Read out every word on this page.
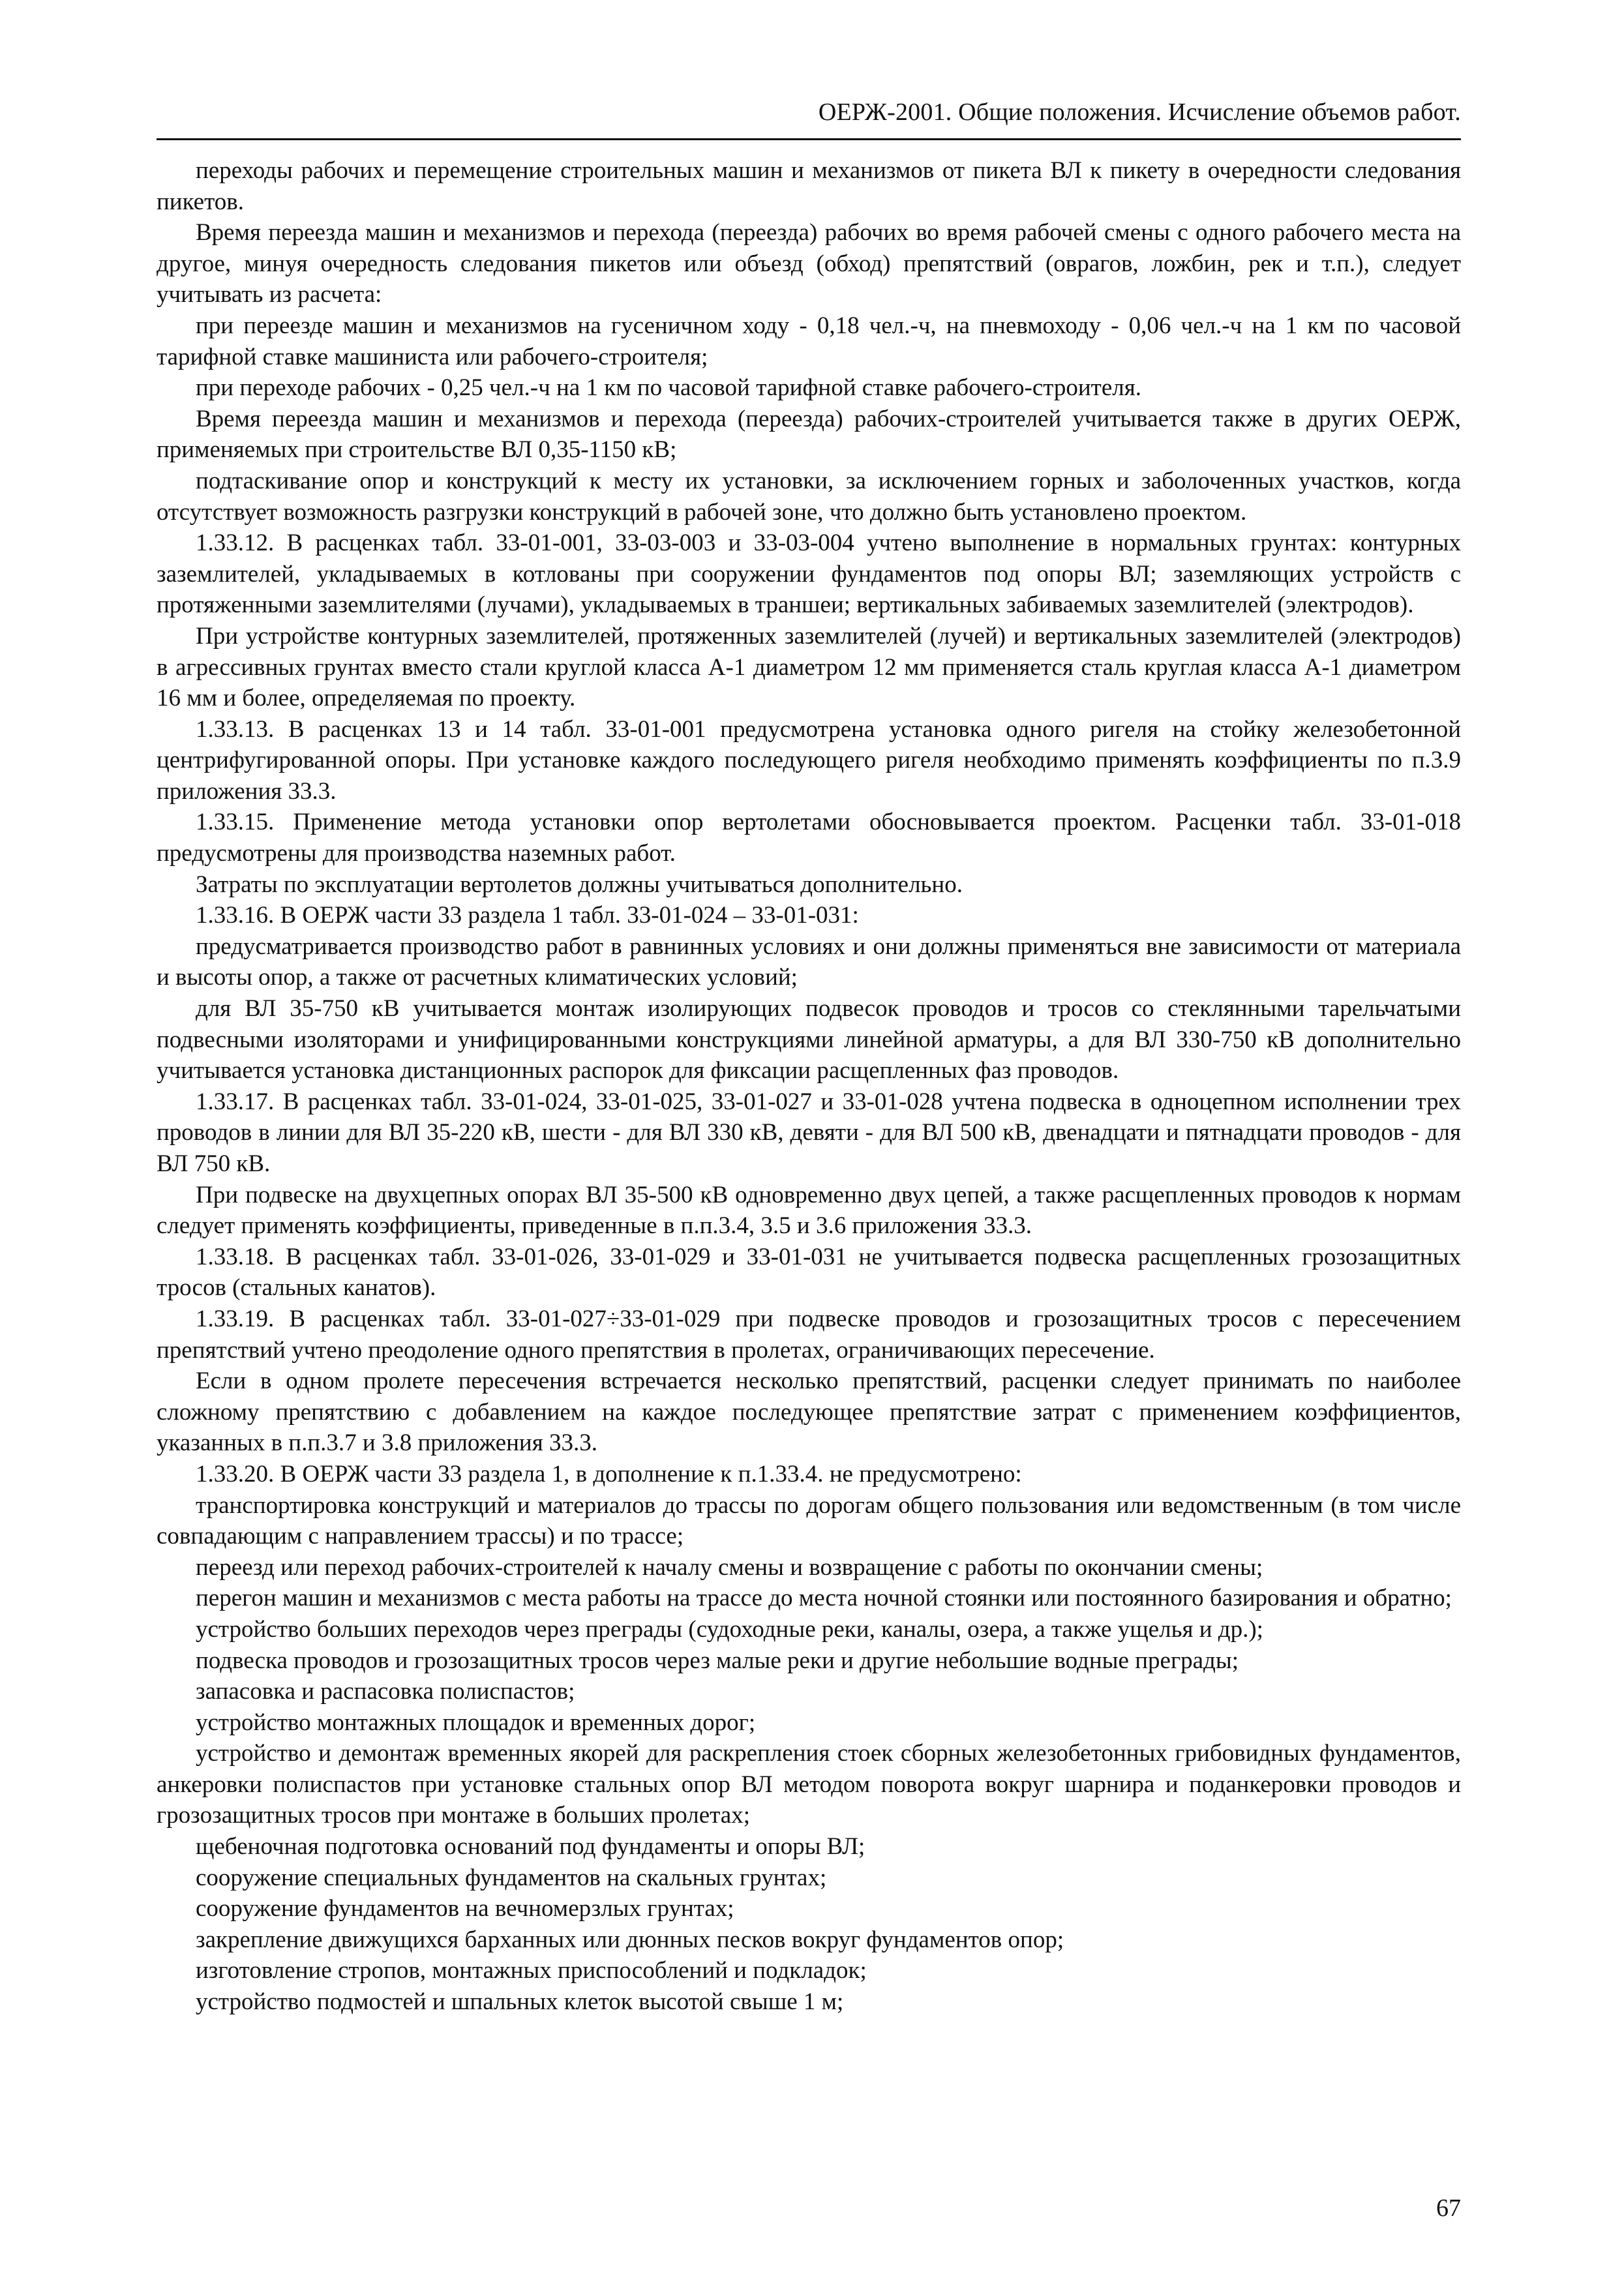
ОЕРЖ-2001. Общие положения. Исчисление объемов работ.

переходы рабочих и перемещение строительных машин и механизмов от пикета ВЛ к пикету в очередности следования пикетов.

Время переезда машин и механизмов и перехода (переезда) рабочих во время рабочей смены с одного рабочего места на другое, минуя очередность следования пикетов или объезд (обход) препятствий (оврагов, ложбин, рек и т.п.), следует учитывать из расчета:

при переезде машин и механизмов на гусеничном ходу - 0,18 чел.-ч, на пневмоходу - 0,06 чел.-ч на 1 км по часовой тарифной ставке машиниста или рабочего-строителя;

при переходе рабочих - 0,25 чел.-ч на 1 км по часовой тарифной ставке рабочего-строителя.

Время переезда машин и механизмов и перехода (переезда) рабочих-строителей учитывается также в других ОЕРЖ, применяемых при строительстве ВЛ 0,35-1150 кВ;

подтаскивание опор и конструкций к месту их установки, за исключением горных и заболоченных участков, когда отсутствует возможность разгрузки конструкций в рабочей зоне, что должно быть установлено проектом.

1.33.12. В расценках табл. 33-01-001, 33-03-003 и 33-03-004 учтено выполнение в нормальных грунтах: контурных заземлителей, укладываемых в котлованы при сооружении фундаментов под опоры ВЛ; заземляющих устройств с протяженными заземлителями (лучами), укладываемых в траншеи; вертикальных забиваемых заземлителей (электродов).

При устройстве контурных заземлителей, протяженных заземлителей (лучей) и вертикальных заземлителей (электродов) в агрессивных грунтах вместо стали круглой класса А-1 диаметром 12 мм применяется сталь круглая класса А-1 диаметром 16 мм и более, определяемая по проекту.

1.33.13. В расценках 13 и 14 табл. 33-01-001 предусмотрена установка одного ригеля на стойку железобетонной центрифугированной опоры. При установке каждого последующего ригеля необходимо применять коэффициенты по п.3.9 приложения 33.3.

1.33.15. Применение метода установки опор вертолетами обосновывается проектом. Расценки табл. 33-01-018 предусмотрены для производства наземных работ.

Затраты по эксплуатации вертолетов должны учитываться дополнительно.

1.33.16. В ОЕРЖ части 33 раздела 1 табл. 33-01-024 – 33-01-031:

предусматривается производство работ в равнинных условиях и они должны применяться вне зависимости от материала и высоты опор, а также от расчетных климатических условий;

для ВЛ 35-750 кВ учитывается монтаж изолирующих подвесок проводов и тросов со стеклянными тарельчатыми подвесными изоляторами и унифицированными конструкциями линейной арматуры, а для ВЛ 330-750 кВ дополнительно учитывается установка дистанционных распорок для фиксации расщепленных фаз проводов.

1.33.17. В расценках табл. 33-01-024, 33-01-025, 33-01-027 и 33-01-028 учтена подвеска в одноцепном исполнении трех проводов в линии для ВЛ 35-220 кВ, шести - для ВЛ 330 кВ, девяти - для ВЛ 500 кВ, двенадцати и пятнадцати проводов - для ВЛ 750 кВ.

При подвеске на двухцепных опорах ВЛ 35-500 кВ одновременно двух цепей, а также расщепленных проводов к нормам следует применять коэффициенты, приведенные в п.п.3.4, 3.5 и 3.6 приложения 33.3.

1.33.18. В расценках табл. 33-01-026, 33-01-029 и 33-01-031 не учитывается подвеска расщепленных грозозащитных тросов (стальных канатов).

1.33.19. В расценках табл. 33-01-027÷33-01-029 при подвеске проводов и грозозащитных тросов с пересечением препятствий учтено преодоление одного препятствия в пролетах, ограничивающих пересечение.

Если в одном пролете пересечения встречается несколько препятствий, расценки следует принимать по наиболее сложному препятствию с добавлением на каждое последующее препятствие затрат с применением коэффициентов, указанных в п.п.3.7 и 3.8 приложения 33.3.

1.33.20. В ОЕРЖ части 33 раздела 1, в дополнение к п.1.33.4. не предусмотрено:

транспортировка конструкций и материалов до трассы по дорогам общего пользования или ведомственным (в том числе совпадающим с направлением трассы) и по трассе;

переезд или переход рабочих-строителей к началу смены и возвращение с работы по окончании смены;

перегон машин и механизмов с места работы на трассе до места ночной стоянки или постоянного базирования и обратно;

устройство больших переходов через преграды (судоходные реки, каналы, озера, а также ущелья и др.);

подвеска проводов и грозозащитных тросов через малые реки и другие небольшие водные преграды;

запасовка и распасовка полиспастов;

устройство монтажных площадок и временных дорог;

устройство и демонтаж временных якорей для раскрепления стоек сборных железобетонных грибовидных фундаментов, анкеровки полиспастов при установке стальных опор ВЛ методом поворота вокруг шарнира и поданкеровки проводов и грозозащитных тросов при монтаже в больших пролетах;

щебеночная подготовка оснований под фундаменты и опоры ВЛ;

сооружение специальных фундаментов на скальных грунтах;

сооружение фундаментов на вечномерзлых грунтах;

закрепление движущихся барханных или дюнных песков вокруг фундаментов опор;

изготовление стропов, монтажных приспособлений и подкладок;

устройство подмостей и шпальных клеток высотой свыше 1 м;

67
